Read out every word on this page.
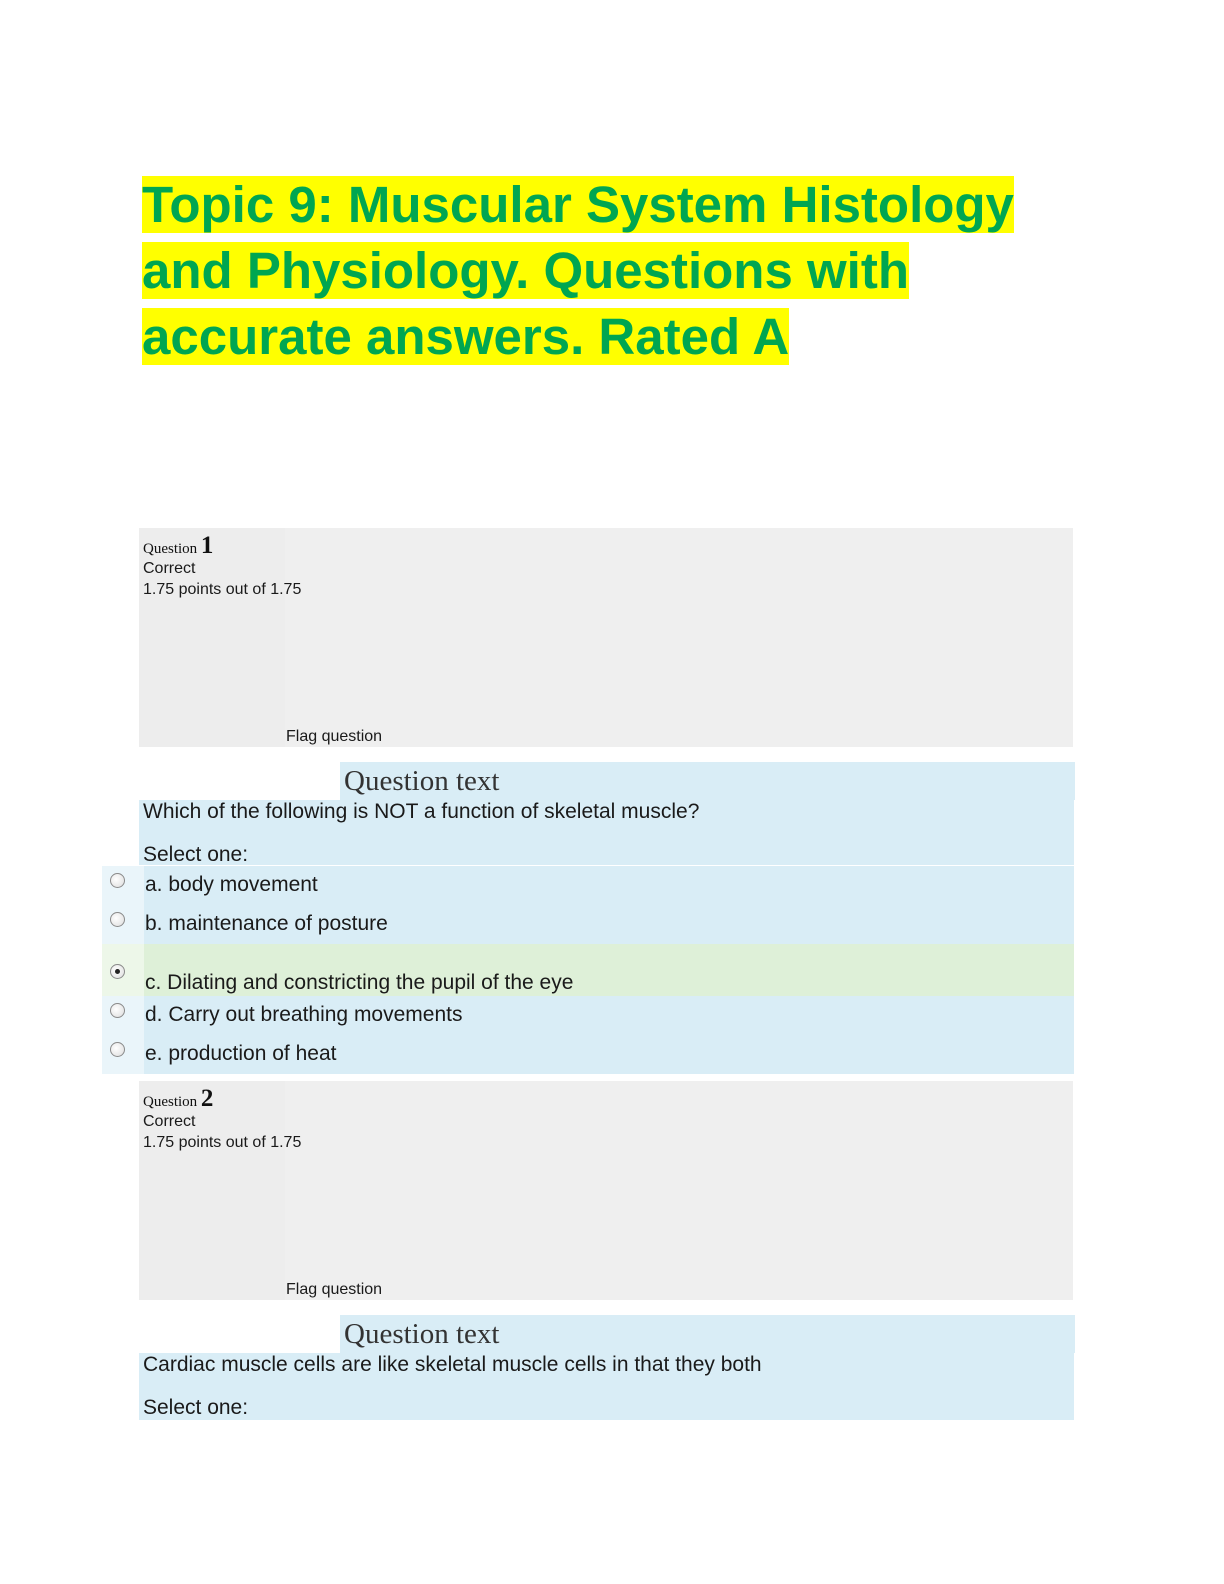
Topic 9: Muscular System Histology
and Physiology. Questions with
accurate answers. Rated A
Question 1
Correct
1.75 points out of 1.75
Flag question
Question text
Which of the following is NOT a function of skeletal muscle?
Select one:
a. body movement
b. maintenance of posture
c. Dilating and constricting the pupil of the eye
d. Carry out breathing movements
e. production of heat
Question 2
Correct
1.75 points out of 1.75
Flag question
Question text
Cardiac muscle cells are like skeletal muscle cells in that they both
Select one:
